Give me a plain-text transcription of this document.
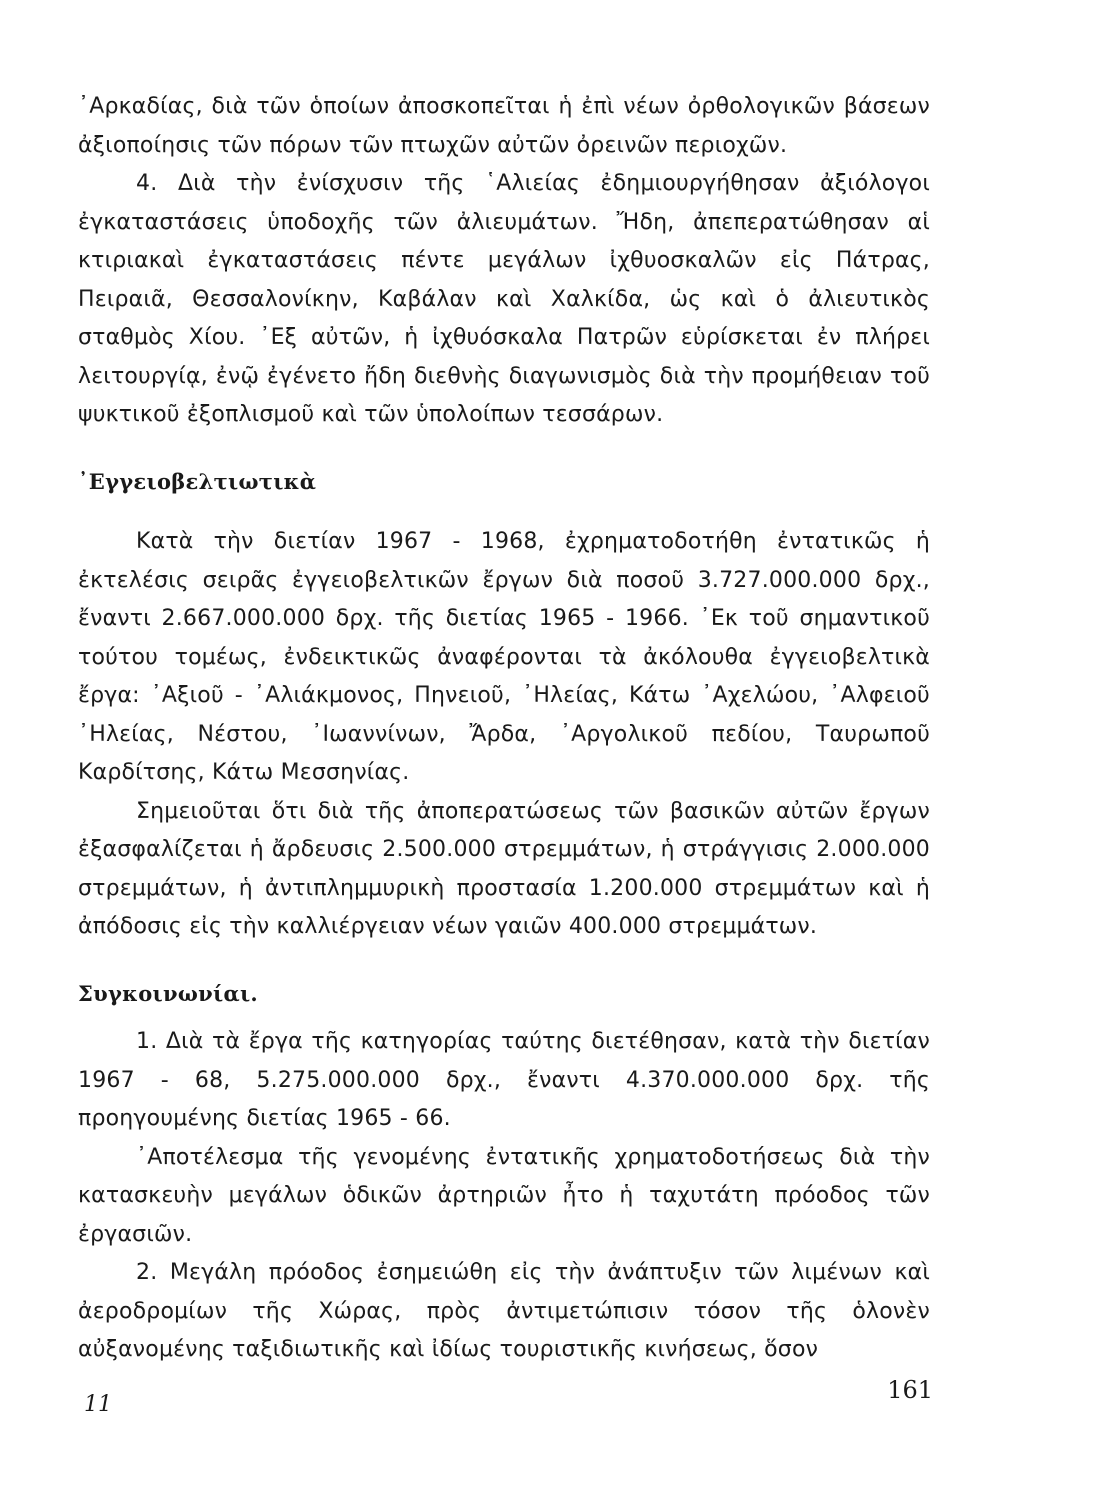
᾿Αρκαδίας, διὰ τῶν ὁποίων ἀποσκοπεῖται ἡ ἐπὶ νέων ὀρθολογικῶν βάσεων ἀξιοποίησις τῶν πόρων τῶν πτωχῶν αὐτῶν ὀρεινῶν περιοχῶν.

4. Διὰ τὴν ἐνίσχυσιν τῆς ῾Αλιείας ἐδημιουργήθησαν ἀξιόλογοι ἐγκαταστάσεις ὑποδοχῆς τῶν ἀλιευμάτων. Ἤδη, ἀπεπερατώθησαν αἱ κτιριακαὶ ἐγκαταστάσεις πέντε μεγάλων ἰχθυοσκαλῶν εἰς Πάτρας, Πειραιᾶ, Θεσσαλονίκην, Καβάλαν καὶ Χαλκίδα, ὡς καὶ ὁ ἀλιευτικὸς σταθμὸς Χίου. ᾿Εξ αὐτῶν, ἡ ἰχθυόσκαλα Πατρῶν εὑρίσκεται ἐν πλήρει λειτουργίᾳ, ἐνῷ ἐγένετο ἤδη διεθνὴς διαγωνισμὸς διὰ τὴν προμήθειαν τοῦ ψυκτικοῦ ἐξοπλισμοῦ καὶ τῶν ὑπολοίπων τεσσάρων.

᾿Εγγειοβελτιωτικὰ

Κατὰ τὴν διετίαν 1967 - 1968, ἐχρηματοδοτήθη ἐντατικῶς ἡ ἐκτελέσις σειρᾶς ἐγγειοβελτικῶν ἔργων διὰ ποσοῦ 3.727.000.000 δρχ., ἔναντι 2.667.000.000 δρχ. τῆς διετίας 1965 - 1966. ᾿Εκ τοῦ σημαντικοῦ τούτου τομέως, ἐνδεικτικῶς ἀναφέρονται τὰ ἀκόλουθα ἐγγειοβελτικὰ ἔργα: ᾿Αξιοῦ - ᾿Αλιάκμονος, Πηνειοῦ, ᾿Ηλείας, Κάτω ᾿Αχελώου, ᾿Αλφειοῦ ᾿Ηλείας, Νέστου, ᾿Ιωαννίνων, Ἄρδα, ᾿Αργολικοῦ πεδίου, Ταυρωποῦ Καρδίτσης, Κάτω Μεσσηνίας.

Σημειοῦται ὅτι διὰ τῆς ἀποπερατώσεως τῶν βασικῶν αὐτῶν ἔργων ἐξασφαλίζεται ἡ ἄρδευσις 2.500.000 στρεμμάτων, ἡ στράγγισις 2.000.000 στρεμμάτων, ἡ ἀντιπλημμυρικὴ προστασία 1.200.000 στρεμμάτων καὶ ἡ ἀπόδοσις εἰς τὴν καλλιέργειαν νέων γαιῶν 400.000 στρεμμάτων.

Συγκοινωνίαι.

1. Διὰ τὰ ἔργα τῆς κατηγορίας ταύτης διετέθησαν, κατὰ τὴν διετίαν 1967 - 68, 5.275.000.000 δρχ., ἔναντι 4.370.000.000 δρχ. τῆς προηγουμένης διετίας 1965 - 66.

᾿Αποτέλεσμα τῆς γενομένης ἐντατικῆς χρηματοδοτήσεως διὰ τὴν κατασκευὴν μεγάλων ὁδικῶν ἀρτηριῶν ἦτο ἡ ταχυτάτη πρόοδος τῶν ἐργασιῶν.

2. Μεγάλη πρόοδος ἐσημειώθη εἰς τὴν ἀνάπτυξιν τῶν λιμένων καὶ ἀεροδρομίων τῆς Χώρας, πρὸς ἀντιμετώπισιν τόσον τῆς ὁλονὲν αὐξανομένης ταξιδιωτικῆς καὶ ἰδίως τουριστικῆς κινήσεως, ὅσον

11
161
